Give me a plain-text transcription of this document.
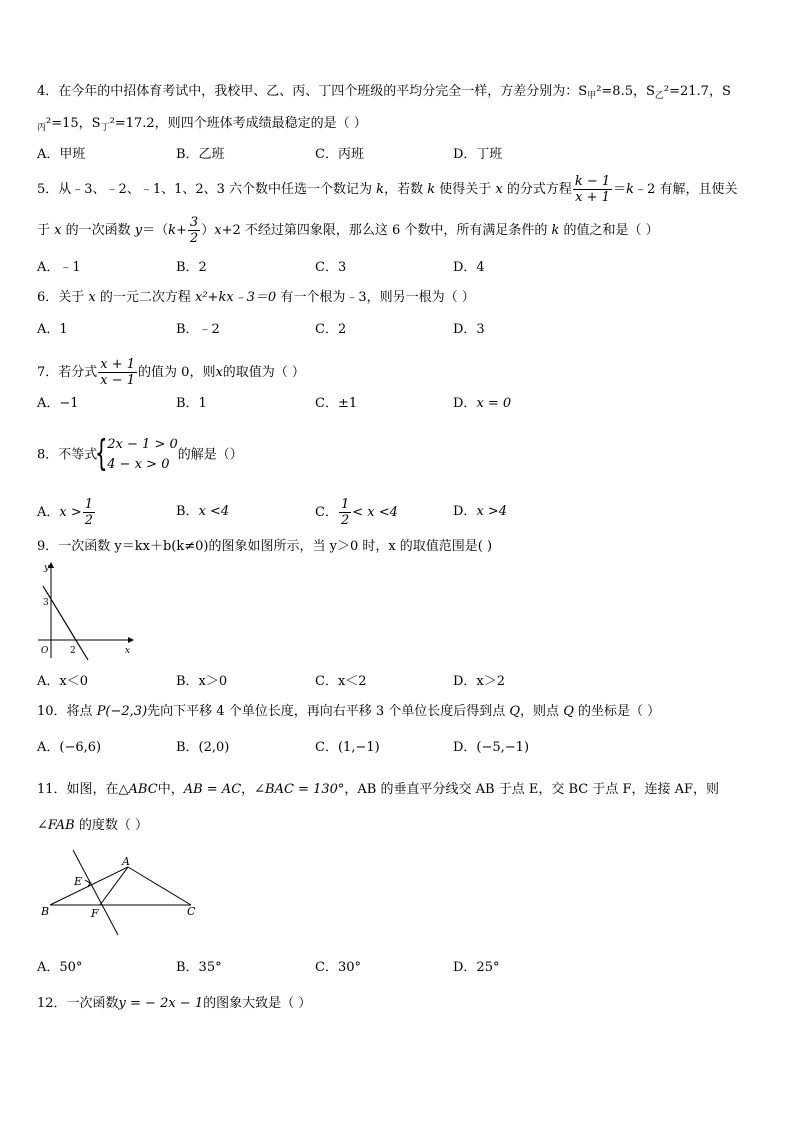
4．在今年的中招体育考试中，我校甲、乙、丙、丁四个班级的平均分完全一样，方差分别为：$S_甲^2=8.5$，$S_乙^2=21.7$，S
$_丙$²=15，$S_丁^2=17.2$，则四个班体考成绩最稳定的是（ ）
A．甲班	B．乙班	C．丙班	D．丁班
5．从﹣3、﹣2、﹣1、1、2、3 六个数中任选一个数记为 k，若数 k 使得关于 x 的分式方程 $\frac{k - 1}{x + 1}$ ＝k﹣2 有解，且使关
于 x 的一次函数 $y=(k+ \frac{3}{2} )x+2$ 不经过第四象限，那么这 6 个数中，所有满足条件的 k 的值之和是（ ）
A．﹣1	B．2	C．3	D．4
6．关于 x 的一元二次方程 x²+kx﹣3＝0 有一个根为﹣3，则另一根为（ ）
A．1	B．﹣2	C．2	D．3
7．若分式 $\frac{x + 1}{x - 1}$ 的值为 0，则x的取值为（ ）
A．−1	B．1	C．±1	D．x = 0
8．不等式
{ 2x − 1 > 0
4 − x > 0
的解是（）
A．$x > \frac{1}{2}$	B．x <4	C． $\frac{1}{2} < x <4$	D．x >4
9．一次函数 y＝kx＋b(k≠0)的图象如图所示，当 y＞0 时，x 的取值范围是( )
y
x
O
3
2
A．x＜0	B．x＞0	C．x＜2	D．x＞2
10．将点 P(−2,3)先向下平移 4 个单位长度，再向右平移 3 个单位长度后得到点 Q，则点 Q 的坐标是（ ）
A．(−6,6)	B．(2,0)	C．(1,−1)	D．(−5,−1)
11．如图，在△ABC中，AB = AC，∠BAC = 130°，AB 的垂直平分线交 AB 于点 E，交 BC 于点 F，连接 AF，则
∠FAB 的度数（ ）
A
B	C
E
F
A．50°	B．35°	C．30°	D．25°
12．一次函数y = − 2x − 1的图象大致是（ ）
